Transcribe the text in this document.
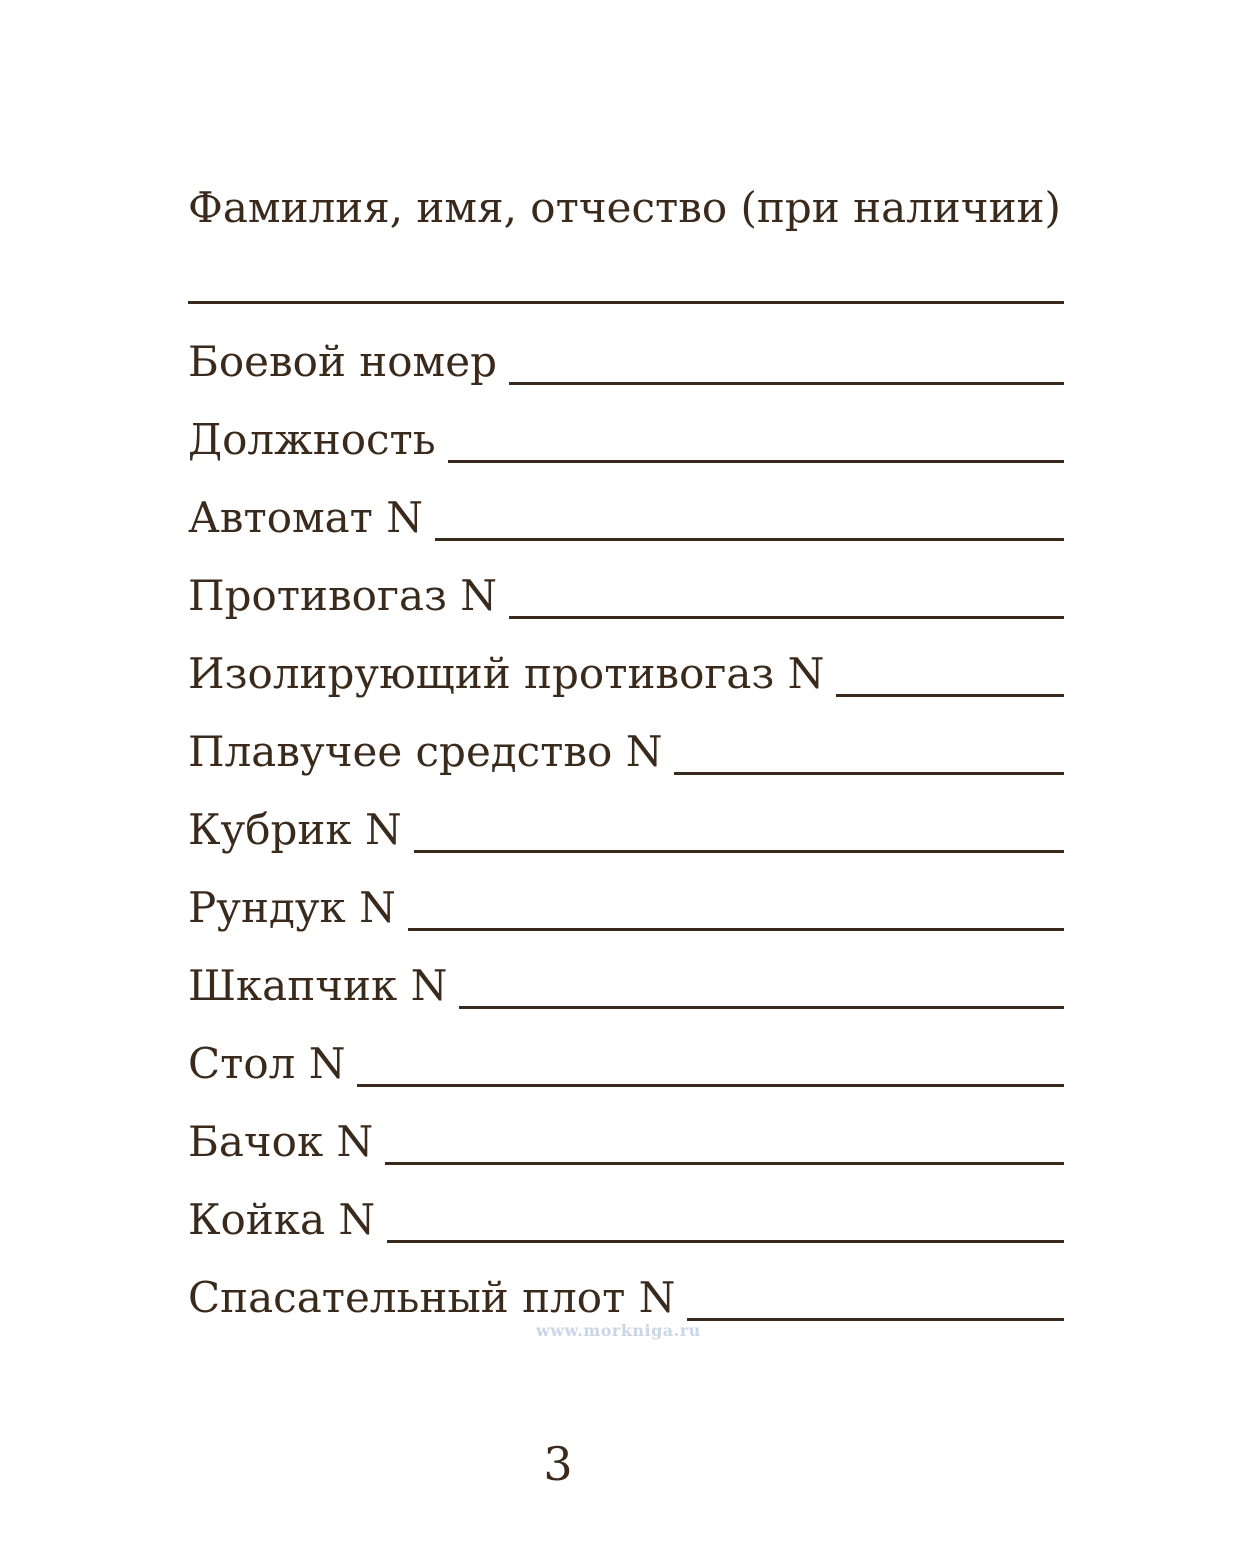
Фамилия, имя, отчество (при наличии)
Боевой номер
Должность
Автомат N
Противогаз N
Изолирующий противогаз N
Плавучее средство N
Кубрик N
Рундук N
Шкапчик N
Стол N
Бачок N
Койка N
Спасательный плот N
www.morkniga.ru
3
